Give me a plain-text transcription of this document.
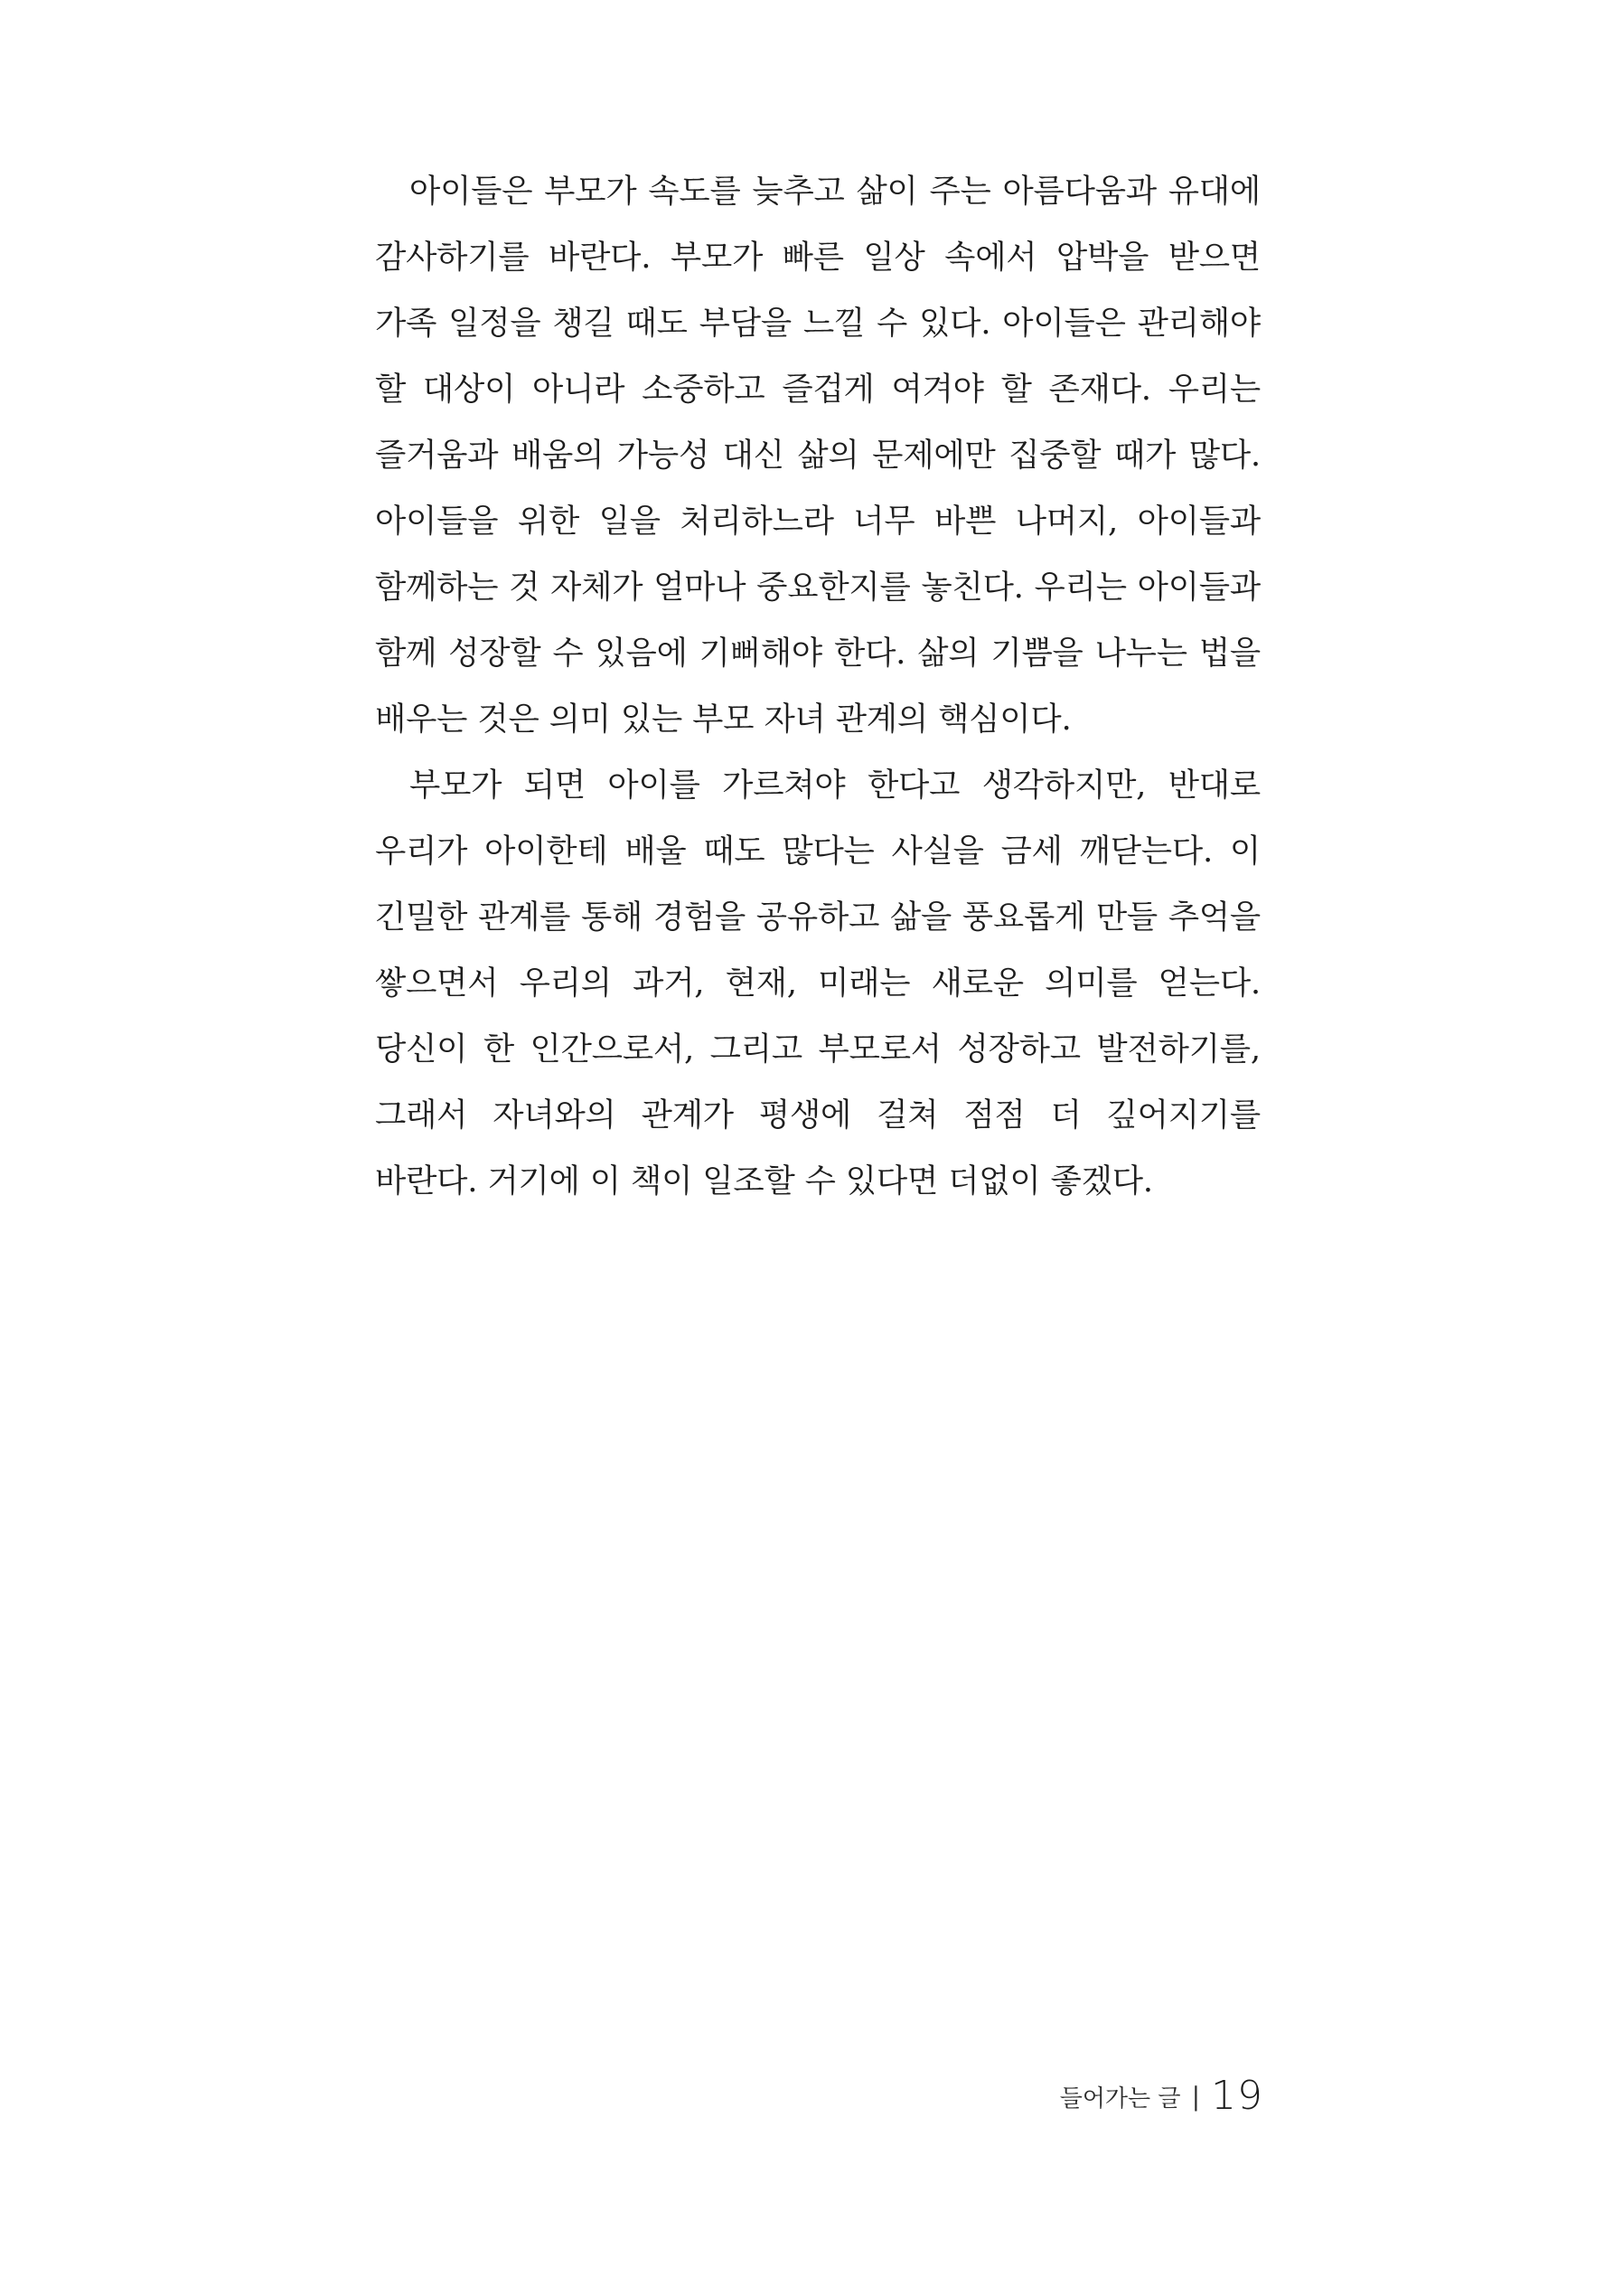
아이들은 부모가 속도를 늦추고 삶이 주는 아름다움과 유대에 감사하기를 바란다. 부모가 빠른 일상 속에서 압박을 받으면 가족 일정을 챙길 때도 부담을 느낄 수 있다. 아이들은 관리해야 할 대상이 아니라 소중하고 즐겁게 여겨야 할 존재다. 우리는 즐거움과 배움의 가능성 대신 삶의 문제에만 집중할 때가 많다. 아이들을 위한 일을 처리하느라 너무 바쁜 나머지, 아이들과 함께하는 것 자체가 얼마나 중요한지를 놓친다. 우리는 아이들과 함께 성장할 수 있음에 기뻐해야 한다. 삶의 기쁨을 나누는 법을 배우는 것은 의미 있는 부모 자녀 관계의 핵심이다.

부모가 되면 아이를 가르쳐야 한다고 생각하지만, 반대로 우리가 아이한테 배울 때도 많다는 사실을 금세 깨닫는다. 이 긴밀한 관계를 통해 경험을 공유하고 삶을 풍요롭게 만들 추억을 쌓으면서 우리의 과거, 현재, 미래는 새로운 의미를 얻는다. 당신이 한 인간으로서, 그리고 부모로서 성장하고 발전하기를, 그래서 자녀와의 관계가 평생에 걸쳐 점점 더 깊어지기를 바란다. 거기에 이 책이 일조할 수 있다면 더없이 좋겠다.

들어가는 글 | 19
